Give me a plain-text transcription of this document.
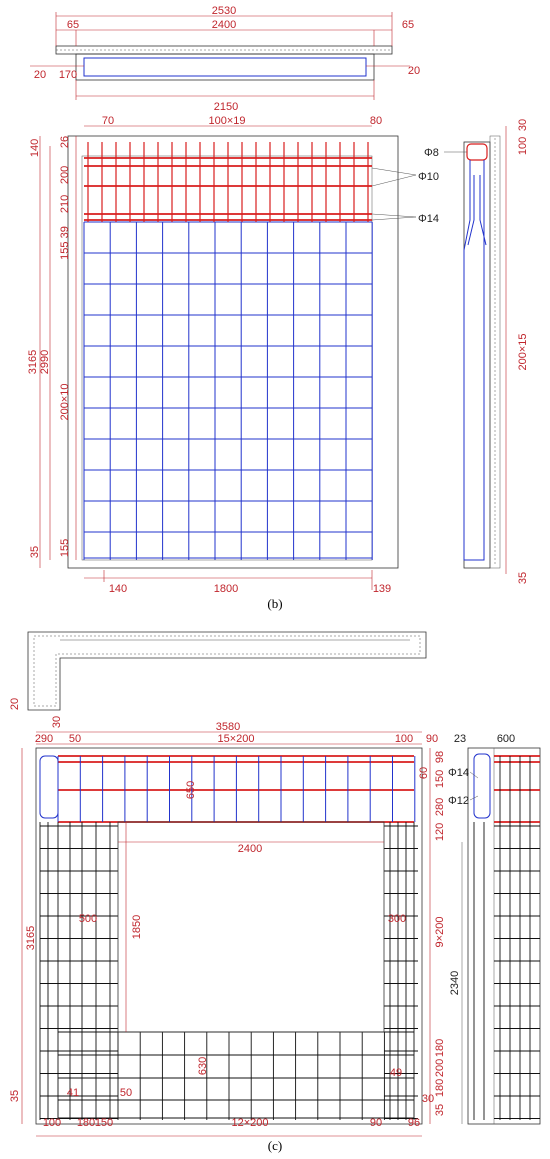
2530
65	2400	65
20 170	20
2150
70	100×19	80
140	1800	139
140 26
200
210
155 39
3165 2990
200×10
155
35
Φ10
Φ14
30
100
200×15
35
Φ8
(b)
20
30	3580
290 50	15×200	100 90
2400
1850
500	300
630
650
41	50
49
3165
35
98
60 150
280
120
9×200
180
200
180
35
30
100 180 150	12×200	90 96
2340
23	600
Φ14
Φ12
(c)
